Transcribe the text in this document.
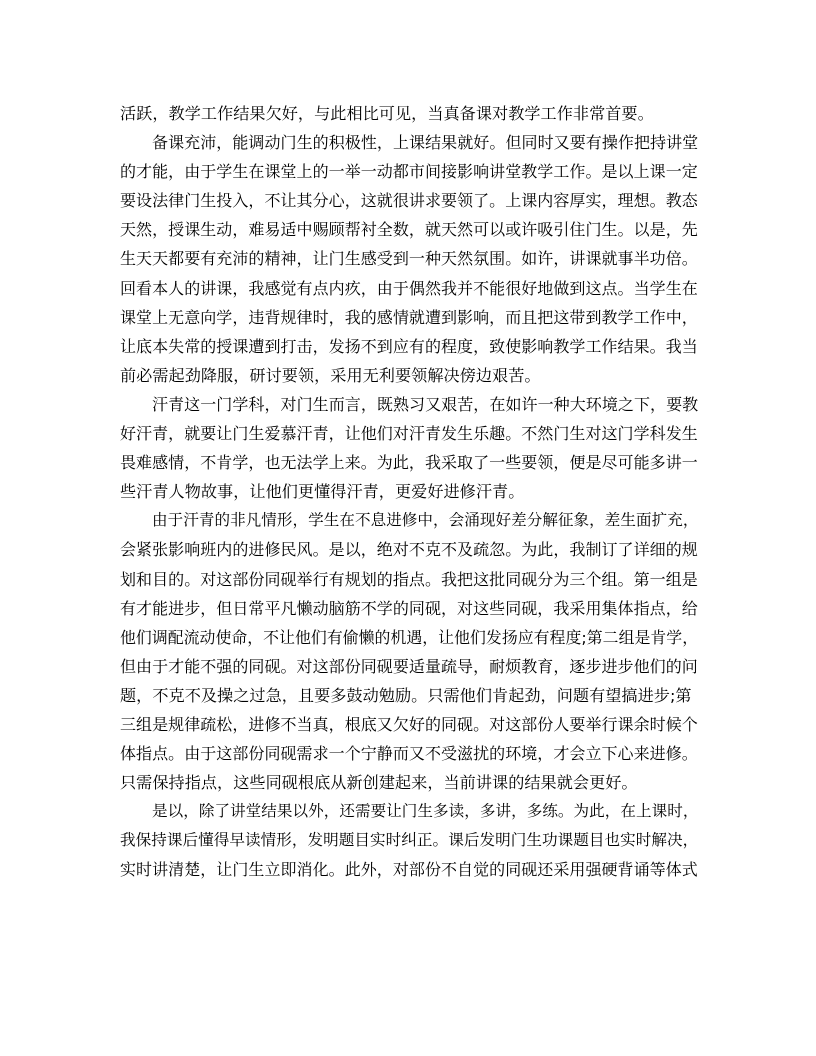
活跃，教学工作结果欠好，与此相比可见，当真备课对教学工作非常首要。
备课充沛，能调动门生的积极性，上课结果就好。但同时又要有操作把持讲堂
的才能，由于学生在课堂上的一举一动都市间接影响讲堂教学工作。是以上课一定
要设法律门生投入，不让其分心，这就很讲求要领了。上课内容厚实，理想。教态
天然，授课生动，难易适中赐顾帮衬全数，就天然可以或许吸引住门生。以是，先
生天天都要有充沛的精神，让门生感受到一种天然氛围。如许，讲课就事半功倍。
回看本人的讲课，我感觉有点内疚，由于偶然我并不能很好地做到这点。当学生在
课堂上无意向学，违背规律时，我的感情就遭到影响，而且把这带到教学工作中，
让底本失常的授课遭到打击，发扬不到应有的程度，致使影响教学工作结果。我当
前必需起劲降服，研讨要领，采用无利要领解决傍边艰苦。
汗青这一门学科，对门生而言，既熟习又艰苦，在如许一种大环境之下，要教
好汗青，就要让门生爱慕汗青，让他们对汗青发生乐趣。不然门生对这门学科发生
畏难感情，不肯学，也无法学上来。为此，我采取了一些要领，便是尽可能多讲一
些汗青人物故事，让他们更懂得汗青，更爱好进修汗青。
由于汗青的非凡情形，学生在不息进修中，会涌现好差分解征象，差生面扩充，
会紧张影响班内的进修民风。是以，绝对不克不及疏忽。为此，我制订了详细的规
划和目的。对这部份同砚举行有规划的指点。我把这批同砚分为三个组。第一组是
有才能进步，但日常平凡懒动脑筋不学的同砚，对这些同砚，我采用集体指点，给
他们调配流动使命，不让他们有偷懒的机遇，让他们发扬应有程度;第二组是肯学，
但由于才能不强的同砚。对这部份同砚要适量疏导，耐烦教育，逐步进步他们的问
题，不克不及操之过急，且要多鼓动勉励。只需他们肯起劲，问题有望搞进步;第
三组是规律疏松，进修不当真，根底又欠好的同砚。对这部份人要举行课余时候个
体指点。由于这部份同砚需求一个宁静而又不受滋扰的环境，才会立下心来进修。
只需保持指点，这些同砚根底从新创建起来，当前讲课的结果就会更好。
是以，除了讲堂结果以外，还需要让门生多读，多讲，多练。为此，在上课时，
我保持课后懂得早读情形，发明题目实时纠正。课后发明门生功课题目也实时解决，
实时讲清楚，让门生立即消化。此外，对部份不自觉的同砚还采用强硬背诵等体式
